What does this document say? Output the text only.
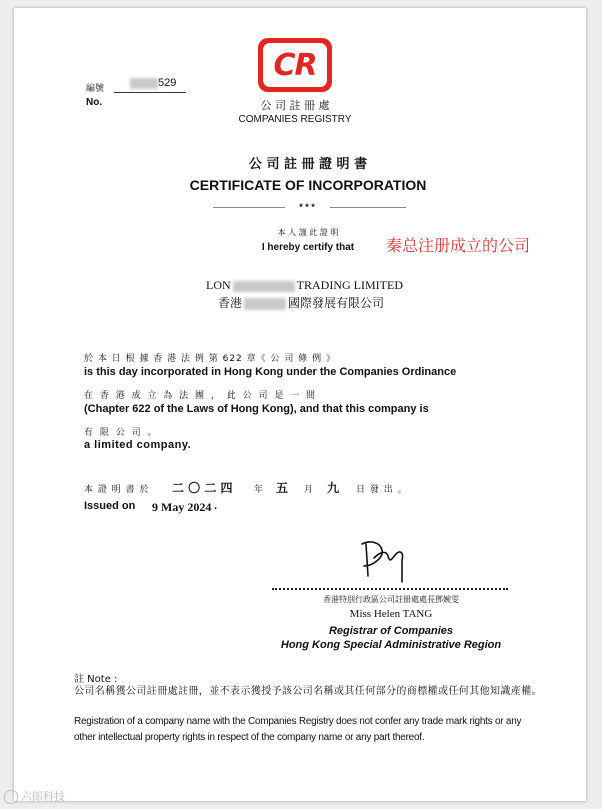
編號
No.
529
CR
公 司 註 冊 處
COMPANIES REGISTRY
公 司 註 冊 證 明 書
CERTIFICATE OF INCORPORATION
* * *
本 人 謹 此 證 明
I hereby certify that	秦总注册成立的公司
LON	TRADING LIMITED
香港	國際發展有限公司
於 本 日 根 據 香 港 法 例 第 622 章《 公 司 條 例 》
is this day incorporated in Hong Kong under the Companies Ordinance
在 香 港 成 立 為 法 團 ， 此 公 司 是 一 間
(Chapter 622 of the Laws of Hong Kong), and that this company is
有 限 公 司 。
a limited company.
本 證 明 書 於 二 〇 二 四 年 五 月 九 日 發 出 。
Issued on 9 May 2024 .
香港特別行政區公司註冊處處長鄧婉雯
Miss Helen TANG
Registrar of Companies
Hong Kong Special Administrative Region
註 Note :
公司名稱獲公司註冊處註冊，並不表示獲授予該公司名稱或其任何部分的商標權或任何其他知識產權。
Registration of a company name with the Companies Registry does not confer any trade mark rights or any other intellectual property rights in respect of the company name or any part thereof.
六郎科技
